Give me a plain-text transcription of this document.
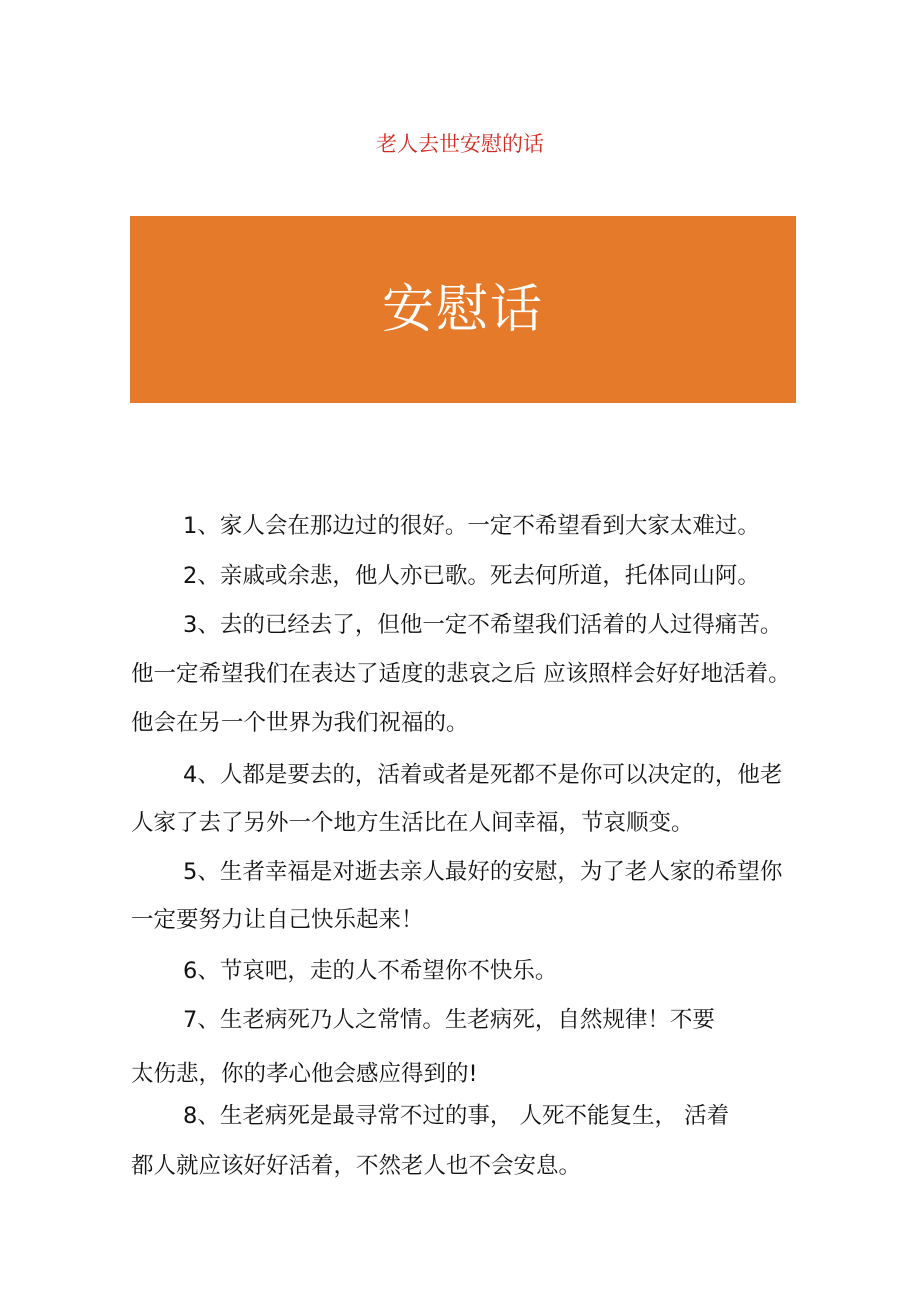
老人去世安慰的话
安慰话
1、家人会在那边过的很好。一定不希望看到大家太难过。
2、亲戚或余悲，他人亦已歌。死去何所道，托体同山阿。
3、去的已经去了，但他一定不希望我们活着的人过得痛苦。
他一定希望我们在表达了适度的悲哀之后 应该照样会好好地活着。
他会在另一个世界为我们祝福的。
4、人都是要去的，活着或者是死都不是你可以决定的，他老
人家了去了另外一个地方生活比在人间幸福，节哀顺变。
5、生者幸福是对逝去亲人最好的安慰，为了老人家的希望你
一定要努力让自己快乐起来！
6、节哀吧，走的人不希望你不快乐。
7、生老病死乃人之常情。生老病死，自然规律！不要
太伤悲，你的孝心他会感应得到的!
8、生老病死是最寻常不过的事， 人死不能复生， 活着
都人就应该好好活着，不然老人也不会安息。
